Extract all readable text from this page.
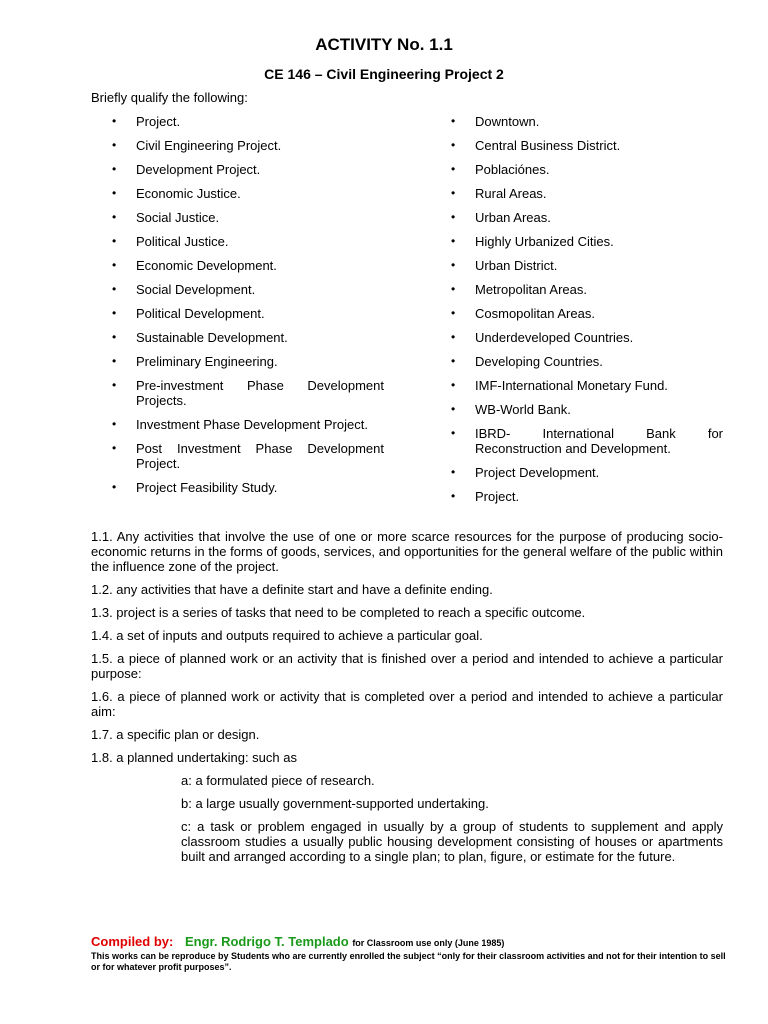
ACTIVITY No. 1.1
CE 146 – Civil Engineering Project 2
Briefly qualify the following:
• Project.
• Civil Engineering Project.
• Development Project.
• Economic Justice.
• Social Justice.
• Political Justice.
• Economic Development.
• Social Development.
• Political Development.
• Sustainable Development.
• Preliminary Engineering.
• Pre-investment Phase Development Projects.
• Investment Phase Development Project.
• Post Investment Phase Development Project.
• Project Feasibility Study.
• Downtown.
• Central Business District.
• Poblaciónes.
• Rural Areas.
• Urban Areas.
• Highly Urbanized Cities.
• Urban District.
• Metropolitan Areas.
• Cosmopolitan Areas.
• Underdeveloped Countries.
• Developing Countries.
• IMF-International Monetary Fund.
• WB-World Bank.
• IBRD- International Bank for Reconstruction and Development.
• Project Development.
• Project.

1.1. Any activities that involve the use of one or more scarce resources for the purpose of producing socio-economic returns in the forms of goods, services, and opportunities for the general welfare of the public within the influence zone of the project.

1.2. any activities that have a definite start and have a definite ending.

1.3. project is a series of tasks that need to be completed to reach a specific outcome.

1.4. a set of inputs and outputs required to achieve a particular goal.

1.5. a piece of planned work or an activity that is finished over a period and intended to achieve a particular purpose:

1.6. a piece of planned work or activity that is completed over a period and intended to achieve a particular aim:

1.7. a specific plan or design.

1.8. a planned undertaking: such as

a: a formulated piece of research.

b: a large usually government-supported undertaking.

c: a task or problem engaged in usually by a group of students to supplement and apply classroom studies a usually public housing development consisting of houses or apartments built and arranged according to a single plan; to plan, figure, or estimate for the future.

Compiled by: Engr. Rodrigo T. Templado for Classroom use only (June 1985)
This works can be reproduce by Students who are currently enrolled the subject “only for their classroom activities and not for their intention to sell or for whatever profit purposes”.
